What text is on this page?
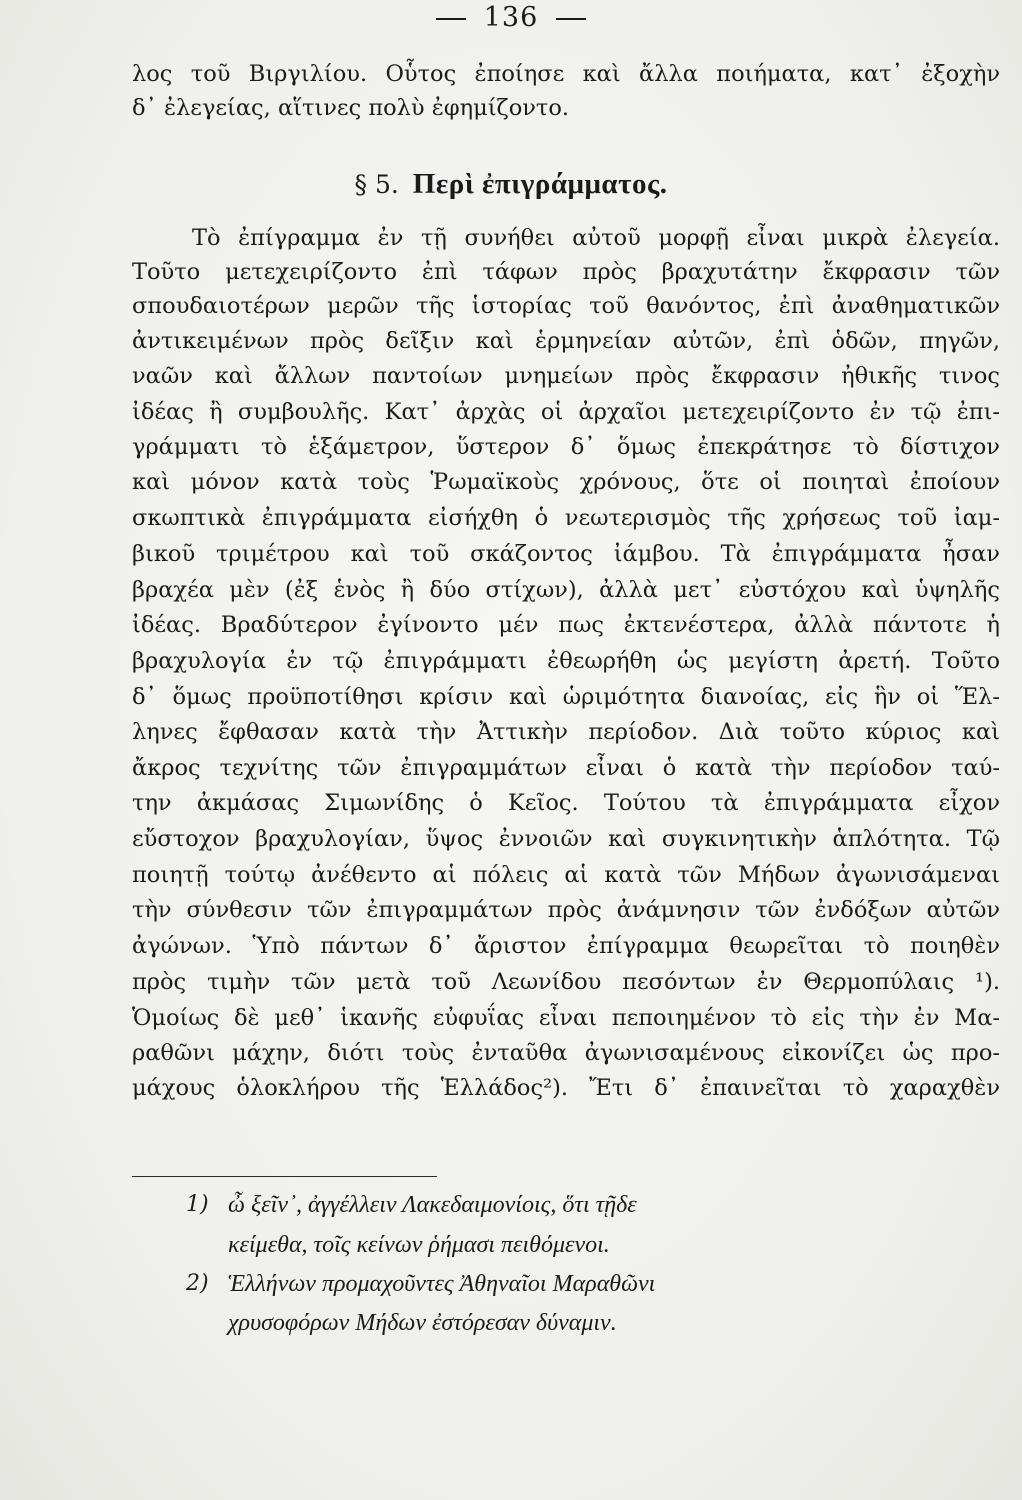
136
λος τοῦ Βιργιλίου. Οὗτος ἐποίησε καὶ ἄλλα ποιήματα, κατ᾽ ἐξοχὴν
δ᾽ ἐλεγείας, αἵτινες πολὺ ἐφημίζοντο.
§ 5. Περὶ ἐπιγράμματος.
Τὸ ἐπίγραμμα ἐν τῇ συνήθει αὐτοῦ μορφῇ εἶναι μικρὰ ἐλεγεία.
Τοῦτο μετεχειρίζοντο ἐπὶ τάφων πρὸς βραχυτάτην ἔκφρασιν τῶν
σπουδαιοτέρων μερῶν τῆς ἱστορίας τοῦ θανόντος, ἐπὶ ἀναθηματικῶν
ἀντικειμένων πρὸς δεῖξιν καὶ ἑρμηνείαν αὐτῶν, ἐπὶ ὁδῶν, πηγῶν,
ναῶν καὶ ἄλλων παντοίων μνημείων πρὸς ἔκφρασιν ἠθικῆς τινος
ἰδέας ἢ συμβουλῆς. Κατ᾽ ἀρχὰς οἱ ἀρχαῖοι μετεχειρίζοντο ἐν τῷ ἐπι-
γράμματι τὸ ἑξάμετρον, ὕστερον δ᾽ ὅμως ἐπεκράτησε τὸ δίστιχον
καὶ μόνον κατὰ τοὺς Ῥωμαϊκοὺς χρόνους, ὅτε οἱ ποιηταὶ ἐποίουν
σκωπτικὰ ἐπιγράμματα εἰσήχθη ὁ νεωτερισμὸς τῆς χρήσεως τοῦ ἰαμ-
βικοῦ τριμέτρου καὶ τοῦ σκάζοντος ἰάμβου. Τὰ ἐπιγράμματα ἦσαν
βραχέα μὲν (ἐξ ἑνὸς ἢ δύο στίχων), ἀλλὰ μετ᾽ εὐστόχου καὶ ὑψηλῆς
ἰδέας. Βραδύτερον ἐγίνοντο μέν πως ἐκτενέστερα, ἀλλὰ πάντοτε ἡ
βραχυλογία ἐν τῷ ἐπιγράμματι ἐθεωρήθη ὡς μεγίστη ἀρετή. Τοῦτο
δ᾽ ὅμως προϋποτίθησι κρίσιν καὶ ὡριμότητα διανοίας, εἰς ἣν οἱ Ἕλ-
ληνες ἔφθασαν κατὰ τὴν Ἀττικὴν περίοδον. Διὰ τοῦτο κύριος καὶ
ἄκρος τεχνίτης τῶν ἐπιγραμμάτων εἶναι ὁ κατὰ τὴν περίοδον ταύ-
την ἀκμάσας Σιμωνίδης ὁ Κεῖος. Τούτου τὰ ἐπιγράμματα εἶχον
εὔστοχον βραχυλογίαν, ὕψος ἐννοιῶν καὶ συγκινητικὴν ἁπλότητα. Τῷ
ποιητῇ τούτῳ ἀνέθεντο αἱ πόλεις αἱ κατὰ τῶν Μήδων ἀγωνισάμεναι
τὴν σύνθεσιν τῶν ἐπιγραμμάτων πρὸς ἀνάμνησιν τῶν ἐνδόξων αὐτῶν
ἀγώνων. Ὑπὸ πάντων δ᾽ ἄριστον ἐπίγραμμα θεωρεῖται τὸ ποιηθὲν
πρὸς τιμὴν τῶν μετὰ τοῦ Λεωνίδου πεσόντων ἐν Θερμοπύλαις ¹).
Ὁμοίως δὲ μεθ᾽ ἱκανῆς εὐφυΐας εἶναι πεποιημένον τὸ εἰς τὴν ἐν Μα-
ραθῶνι μάχην, διότι τοὺς ἐνταῦθα ἀγωνισαμένους εἰκονίζει ὡς προ-
μάχους ὁλοκλήρου τῆς Ἑλλάδος²). Ἔτι δ᾽ ἐπαινεῖται τὸ χαραχθὲν
1) ὦ ξεῖν᾽, ἀγγέλλειν Λακεδαιμονίοις, ὅτι τῇδε
κείμεθα, τοῖς κείνων ῥήμασι πειθόμενοι.
2) Ἑλλήνων προμαχοῦντες Ἀθηναῖοι Μαραθῶνι
χρυσοφόρων Μήδων ἐστόρεσαν δύναμιν.
